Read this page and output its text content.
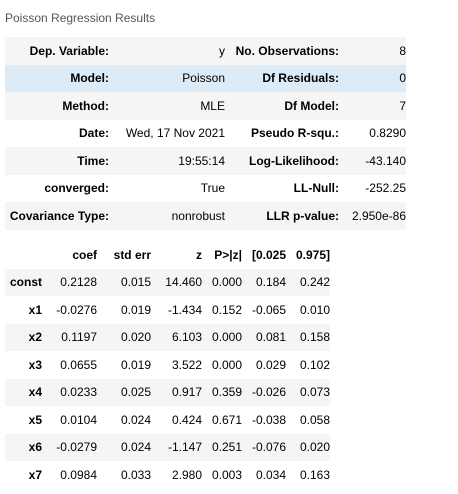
Poisson Regression Results
Dep. Variable:	y	No. Observations:	8
Model:	Poisson	Df Residuals:	0
Method:	MLE	Df Model:	7
Date:	Wed, 17 Nov 2021	Pseudo R-squ.:	0.8290
Time:	19:55:14	Log-Likelihood:	-43.140
converged:	True	LL-Null:	-252.25
Covariance Type:	nonrobust	LLR p-value:	2.950e-86
	coef	std err	z	P>|z|	[0.025	0.975]
const	0.2128	0.015	14.460	0.000	0.184	0.242
x1	-0.0276	0.019	-1.434	0.152	-0.065	0.010
x2	0.1197	0.020	6.103	0.000	0.081	0.158
x3	0.0655	0.019	3.522	0.000	0.029	0.102
x4	0.0233	0.025	0.917	0.359	-0.026	0.073
x5	0.0104	0.024	0.424	0.671	-0.038	0.058
x6	-0.0279	0.024	-1.147	0.251	-0.076	0.020
x7	0.0984	0.033	2.980	0.003	0.034	0.163
